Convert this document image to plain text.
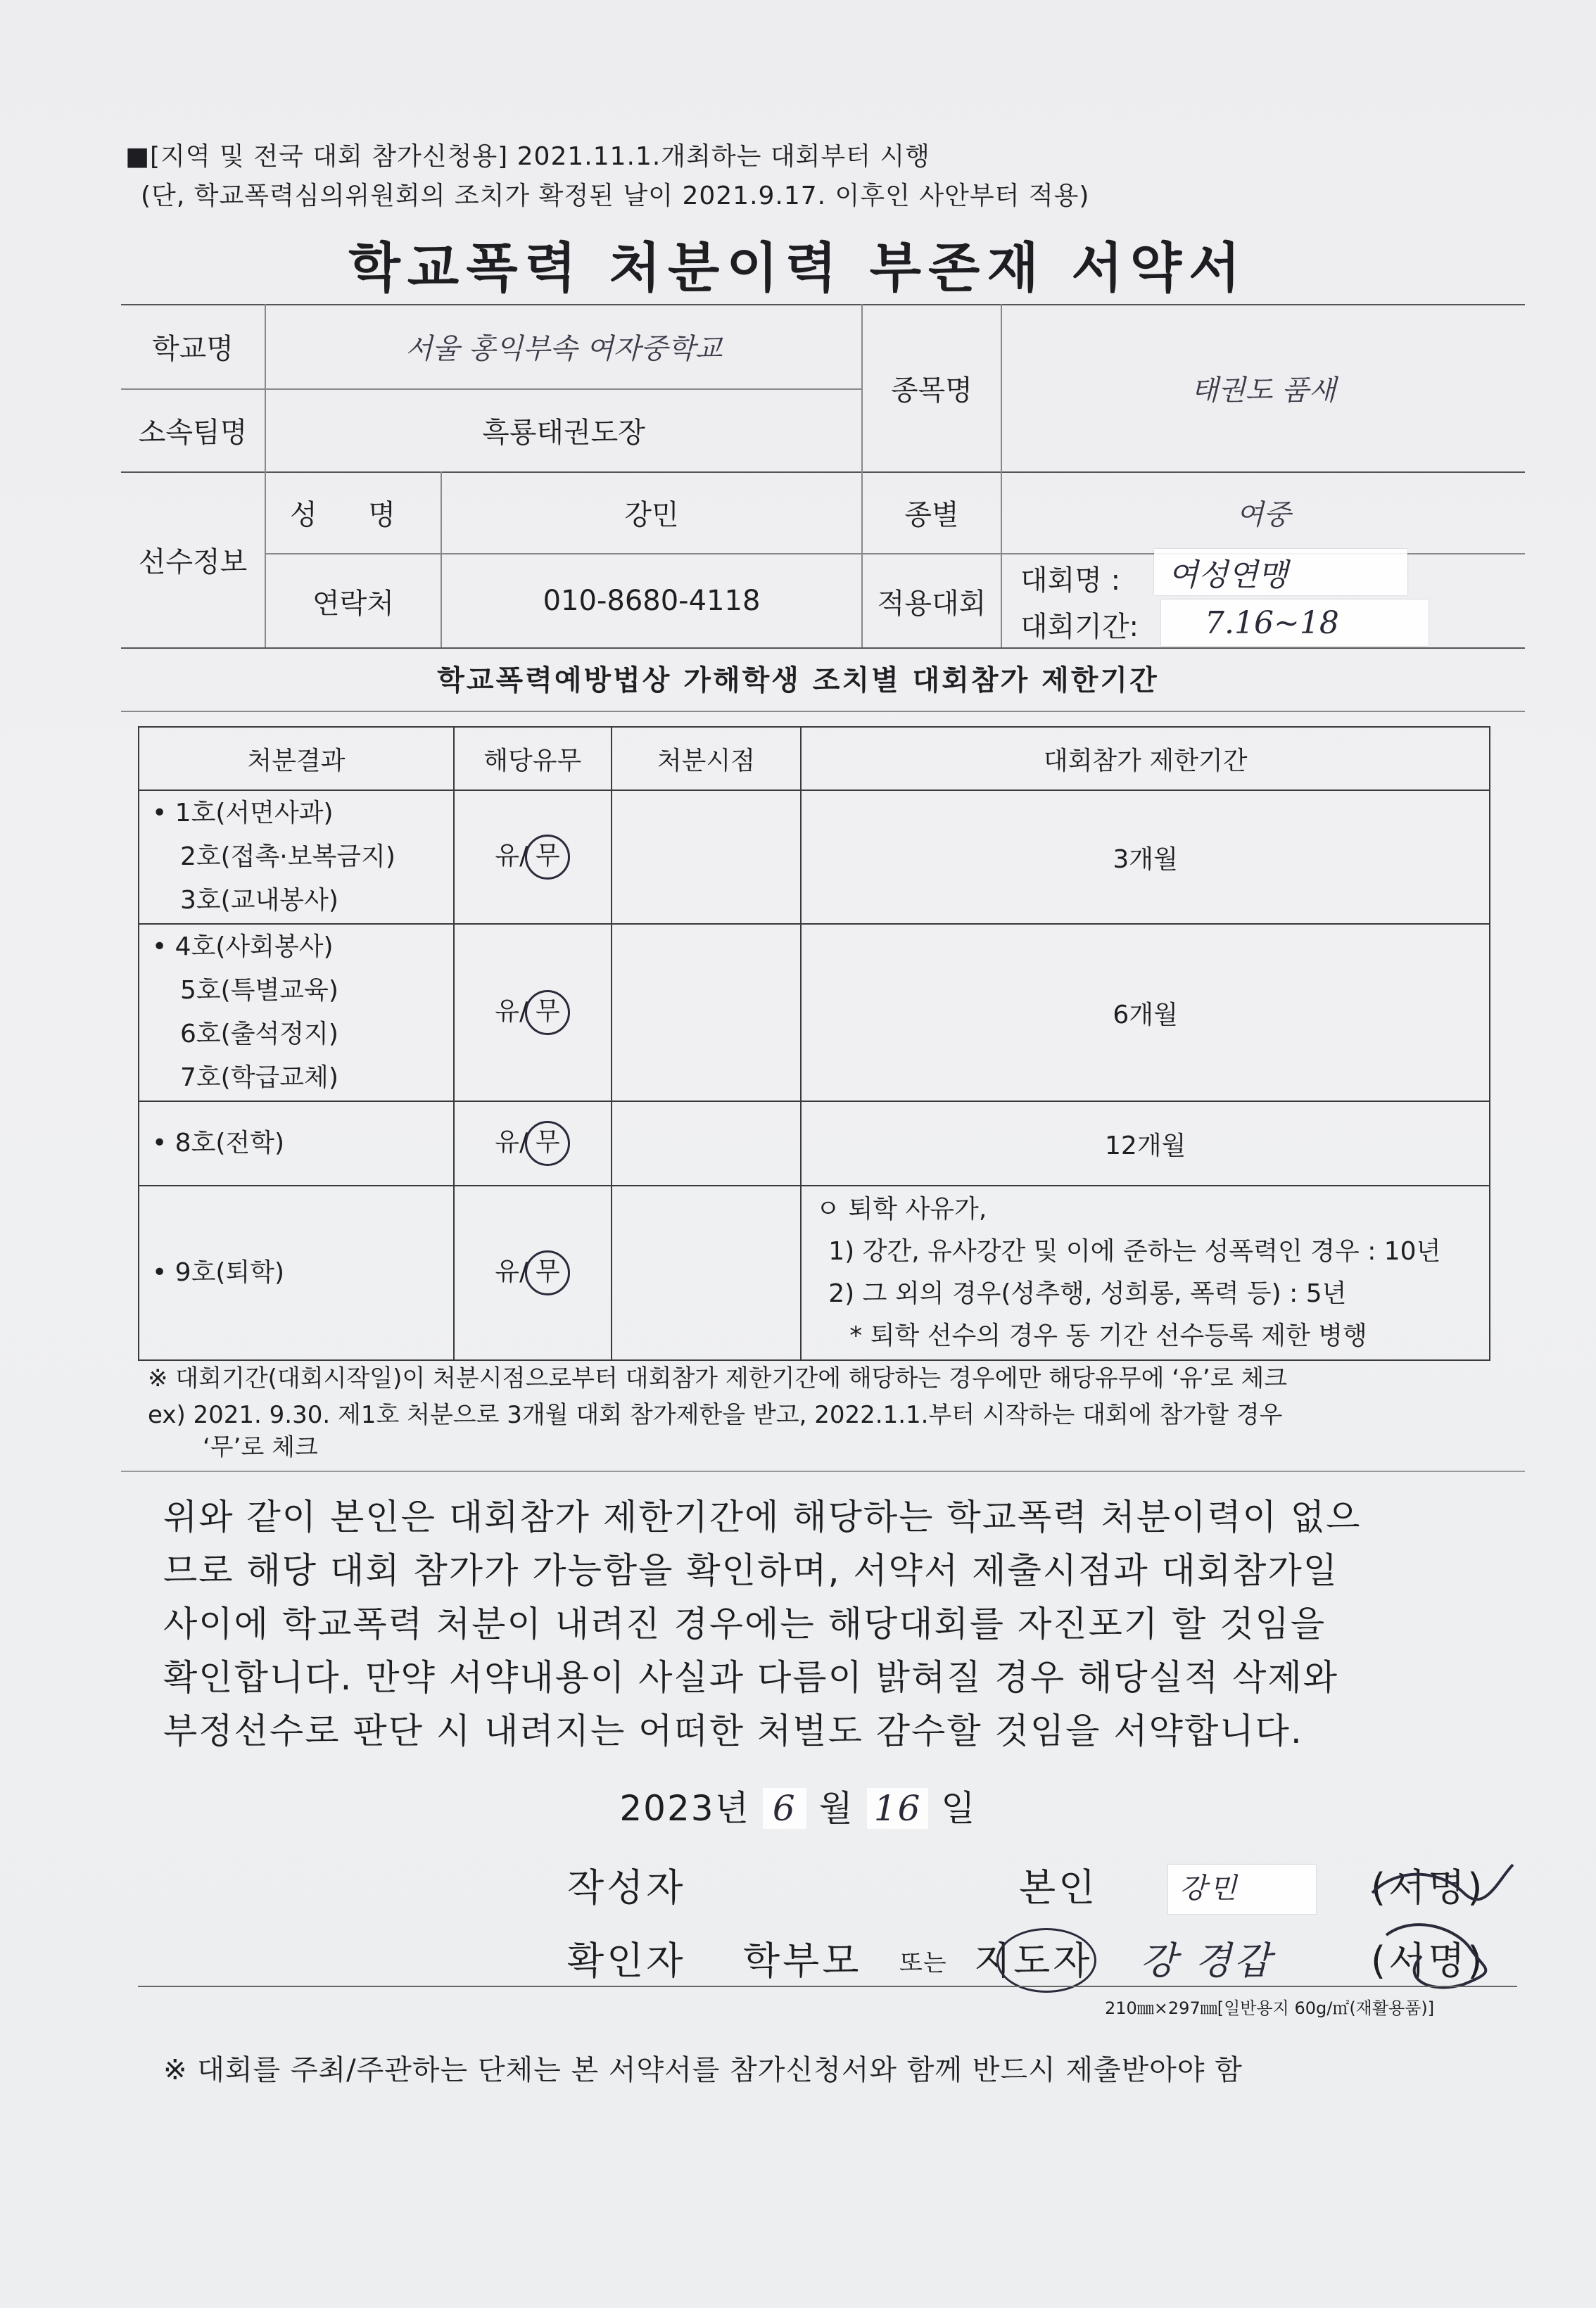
■[지역 및 전국 대회 참가신청용] 2021.11.1.개최하는 대회부터 시행
(단, 학교폭력심의위원회의 조치가 확정된 날이 2021.9.17. 이후인 사안부터 적용)
학교폭력 처분이력 부존재 서약서
학교명	서울 홍익부속 여자중학교
소속팀명	흑룡태권도장
종목명	태권도 품새
선수정보
성 명	강민	종별	여중
연락처	010-8680-4118	적용대회
대회명 :	여성연맹
대회기간:	7.16~18
학교폭력예방법상 가해학생 조치별 대회참가 제한기간
처분결과	해당유무	처분시점	대회참가 제한기간

• 1호(서면사과)
2호(접촉·보복금지)
3호(교내봉사)	유/ 무		3개월

• 4호(사회봉사)
5호(특별교육)
6호(출석정지)
7호(학급교체)	유/ 무		6개월

• 8호(전학)	유/ 무		12개월

• 9호(퇴학)	유/ 무		ㅇ 퇴학 사유가,
1) 강간, 유사강간 및 이에 준하는 성폭력인 경우 : 10년
2) 그 외의 경우(성추행, 성희롱, 폭력 등) : 5년
* 퇴학 선수의 경우 동 기간 선수등록 제한 병행
※ 대회기간(대회시작일)이 처분시점으로부터 대회참가 제한기간에 해당하는 경우에만 해당유무에 ‘유’로 체크
ex) 2021. 9.30. 제1호 처분으로 3개월 대회 참가제한을 받고, 2022.1.1.부터 시작하는 대회에 참가할 경우
‘무’로 체크
위와 같이 본인은 대회참가 제한기간에 해당하는 학교폭력 처분이력이 없으
므로 해당 대회 참가가 가능함을 확인하며, 서약서 제출시점과 대회참가일
사이에 학교폭력 처분이 내려진 경우에는 해당대회를 자진포기 할 것임을
확인합니다. 만약 서약내용이 사실과 다름이 밝혀질 경우 해당실적 삭제와
부정선수로 판단 시 내려지는 어떠한 처벌도 감수할 것임을 서약합니다.
2023년 6 월 16 일
작성자	본인	강민	(서명)
확인자 학부모 또는 지도자 강 경갑	(서명)
210㎜×297㎜[일반용지 60g/㎡(재활용품)]
※ 대회를 주최/주관하는 단체는 본 서약서를 참가신청서와 함께 반드시 제출받아야 함
